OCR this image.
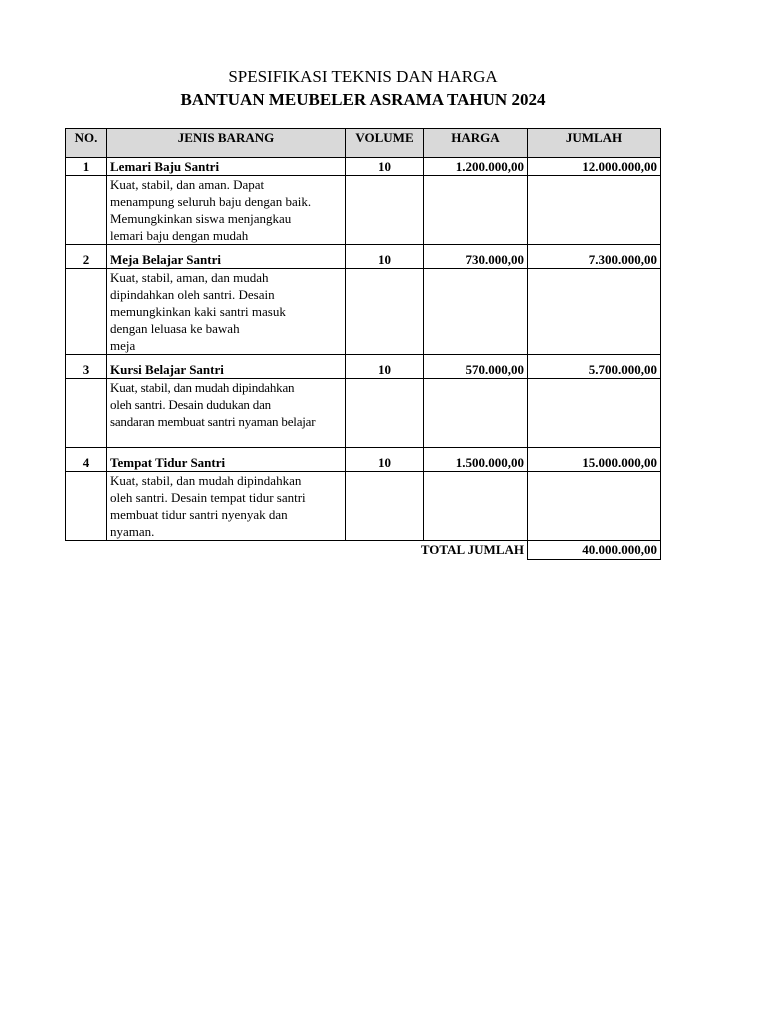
SPESIFIKASI TEKNIS DAN HARGA
BANTUAN MEUBELER ASRAMA TAHUN 2024
NO.	JENIS BARANG	VOLUME	HARGA	JUMLAH
1	Lemari Baju Santri	10	1.200.000,00	12.000.000,00

	Kuat, stabil, dan aman. Dapat
menampung seluruh baju dengan baik.
Memungkinkan siswa menjangkau
lemari baju dengan mudah			

2	Meja Belajar Santri	10	730.000,00	7.300.000,00

	Kuat, stabil, aman, dan mudah
dipindahkan oleh santri. Desain
memungkinkan kaki santri masuk
dengan leluasa ke bawah
meja			

3	Kursi Belajar Santri	10	570.000,00	5.700.000,00

	Kuat, stabil, dan mudah dipindahkan
oleh santri. Desain dudukan dan
sandaran membuat santri nyaman belajar			

4	Tempat Tidur Santri	10	1.500.000,00	15.000.000,00

	Kuat, stabil, dan mudah dipindahkan
oleh santri. Desain tempat tidur santri
membuat tidur santri nyenyak dan
nyaman.			

		TOTAL JUMLAH		40.000.000,00
